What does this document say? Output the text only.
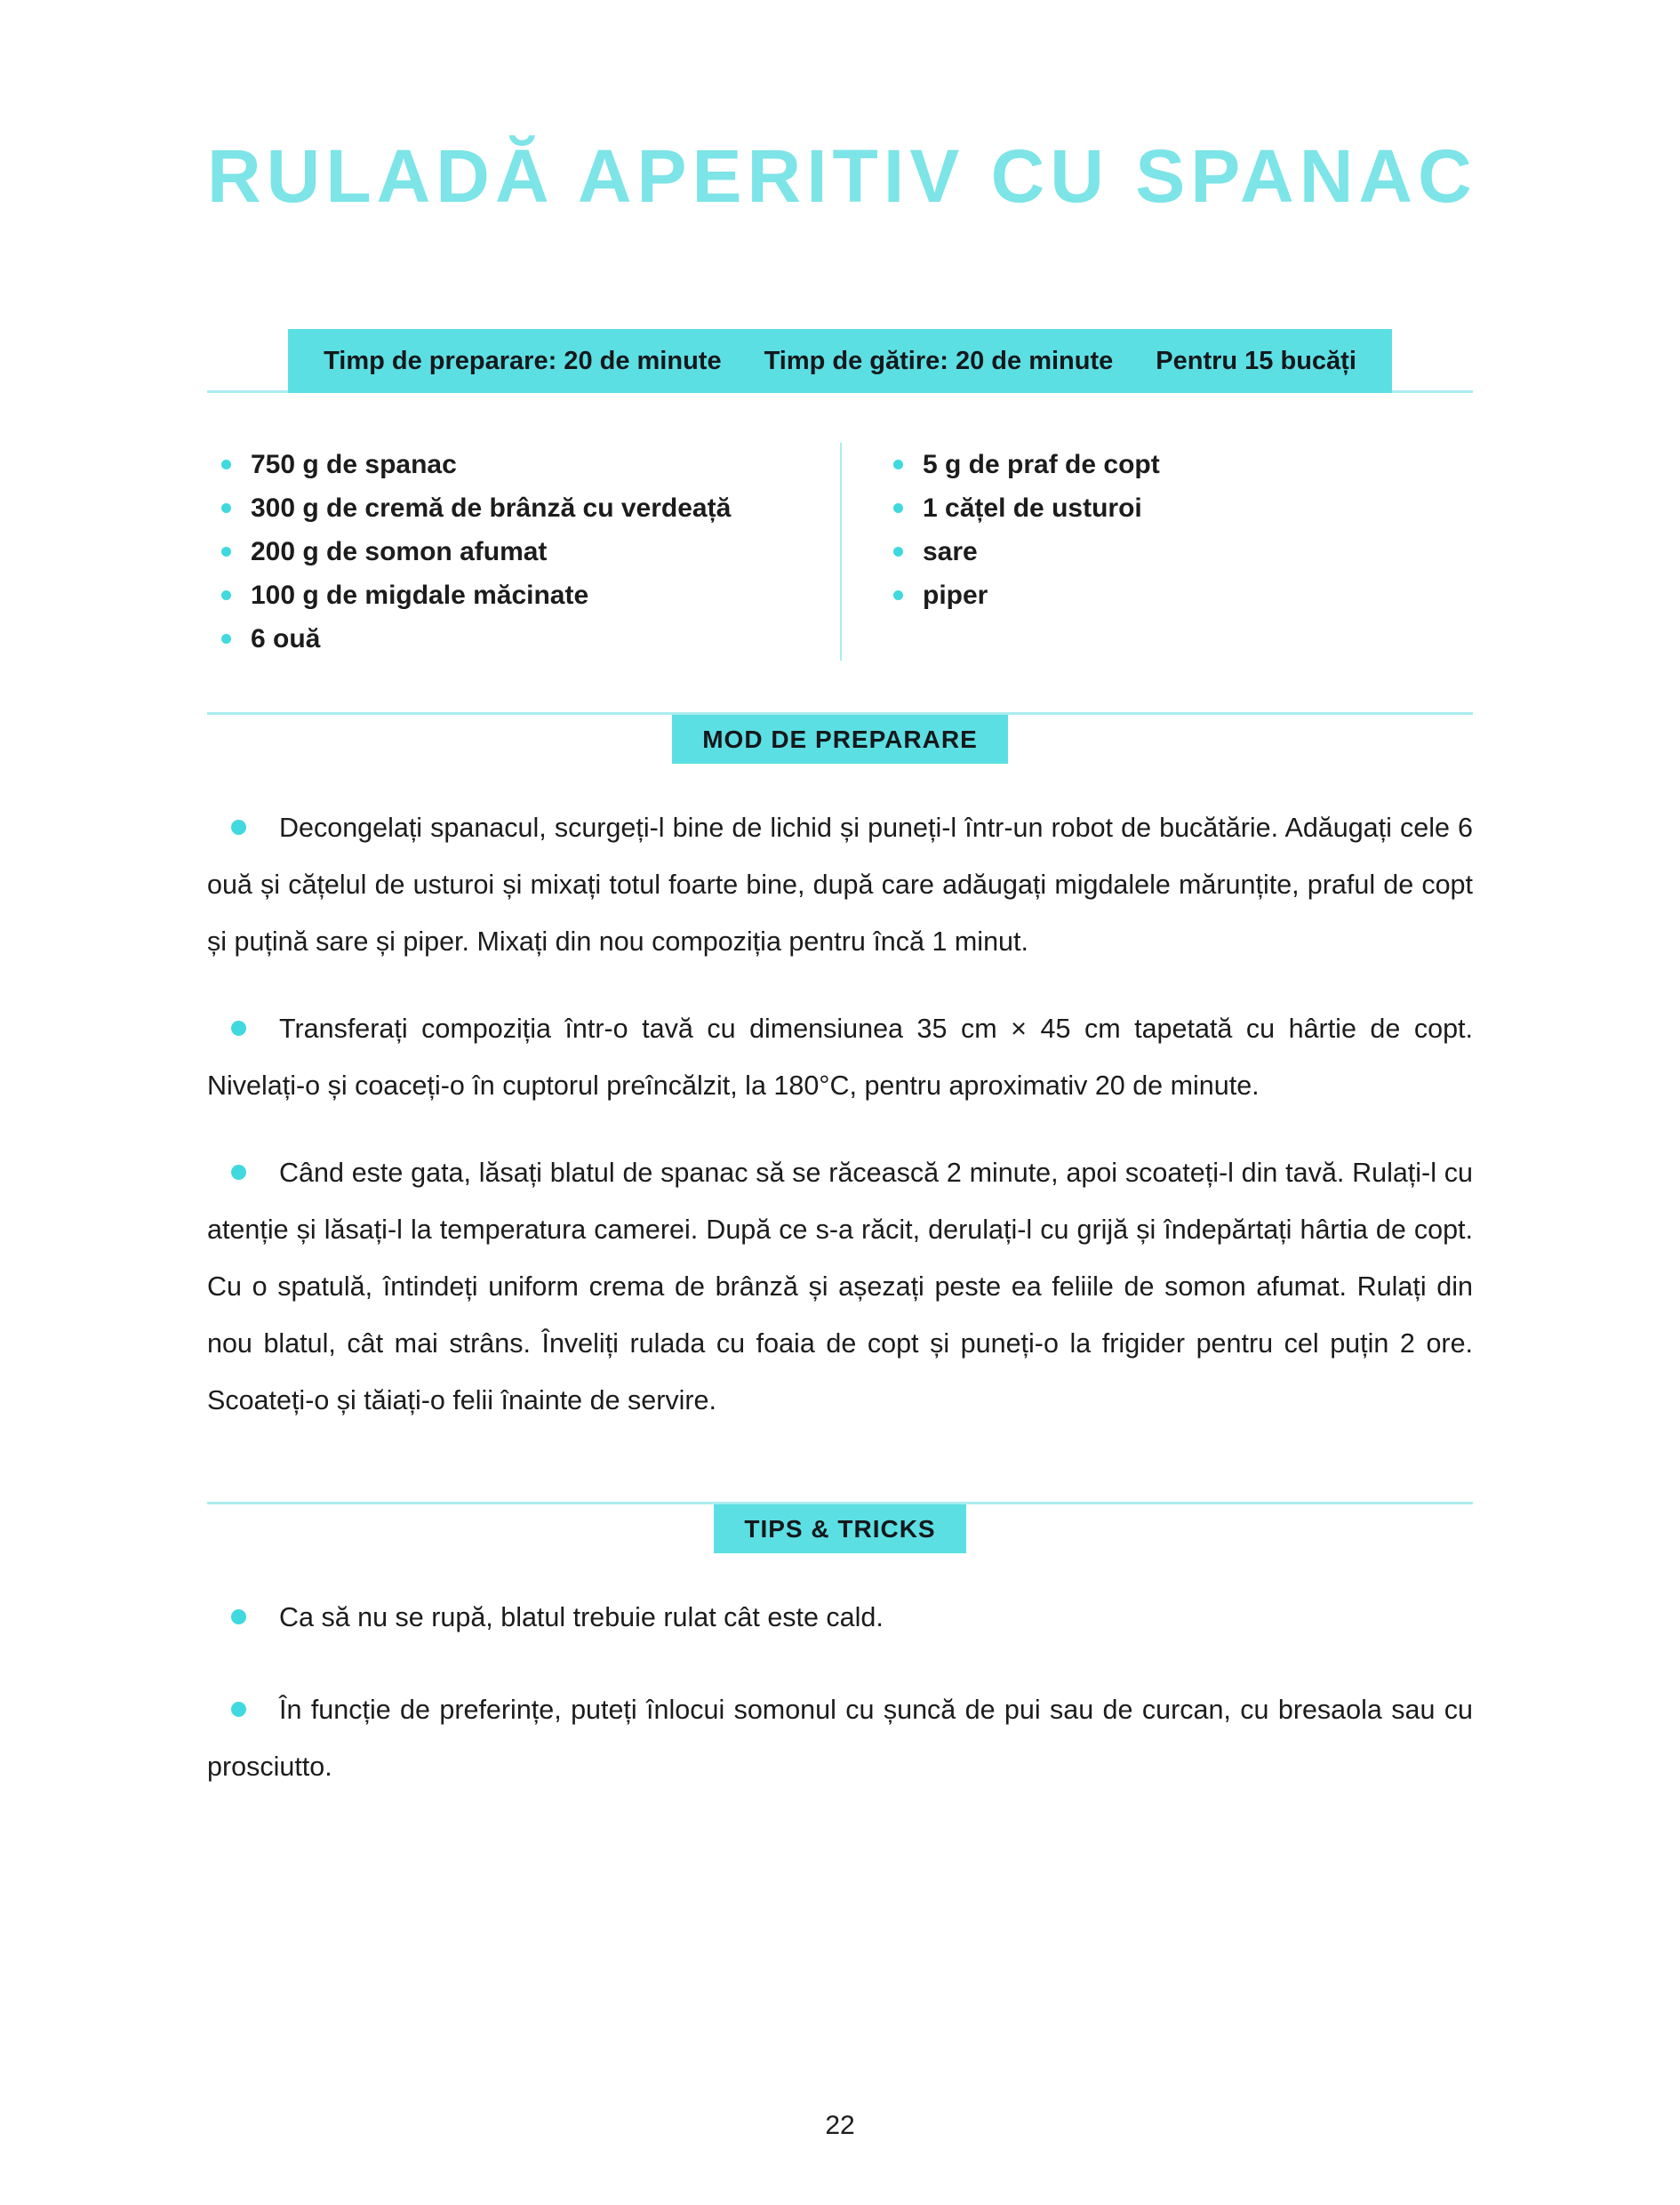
RULADĂ APERITIV CU SPANAC
Timp de preparare: 20 de minute Timp de gătire: 20 de minute Pentru 15 bucăți
750 g de spanac
300 g de cremă de brânză cu verdeață
200 g de somon afumat
100 g de migdale măcinate
6 ouă
5 g de praf de copt
1 cățel de usturoi
sare
piper
MOD DE PREPARARE

Decongelați spanacul, scurgeți-l bine de lichid și puneți-l într-un robot de bucătărie. Adăugați cele 6 ouă și cățelul de usturoi și mixați totul foarte bine, după care adăugați migdalele mărunțite, praful de copt și puțină sare și piper. Mixați din nou compoziția pentru încă 1 minut.

Transferați compoziția într-o tavă cu dimensiunea 35 cm × 45 cm tapetată cu hârtie de copt. Nivelați-o și coaceți-o în cuptorul preîncălzit, la 180°C, pentru aproximativ 20 de minute.

Când este gata, lăsați blatul de spanac să se răcească 2 minute, apoi scoateți-l din tavă. Rulați-l cu atenție și lăsați-l la temperatura camerei. După ce s-a răcit, derulați-l cu grijă și îndepărtați hârtia de copt. Cu o spatulă, întindeți uniform crema de brânză și așezați peste ea feliile de somon afumat. Rulați din nou blatul, cât mai strâns. Înveliți rulada cu foaia de copt și puneți-o la frigider pentru cel puțin 2 ore. Scoateți-o și tăiați-o felii înainte de servire.

TIPS & TRICKS

Ca să nu se rupă, blatul trebuie rulat cât este cald.

În funcție de preferințe, puteți înlocui somonul cu șuncă de pui sau de curcan, cu bresaola sau cu prosciutto.

22
